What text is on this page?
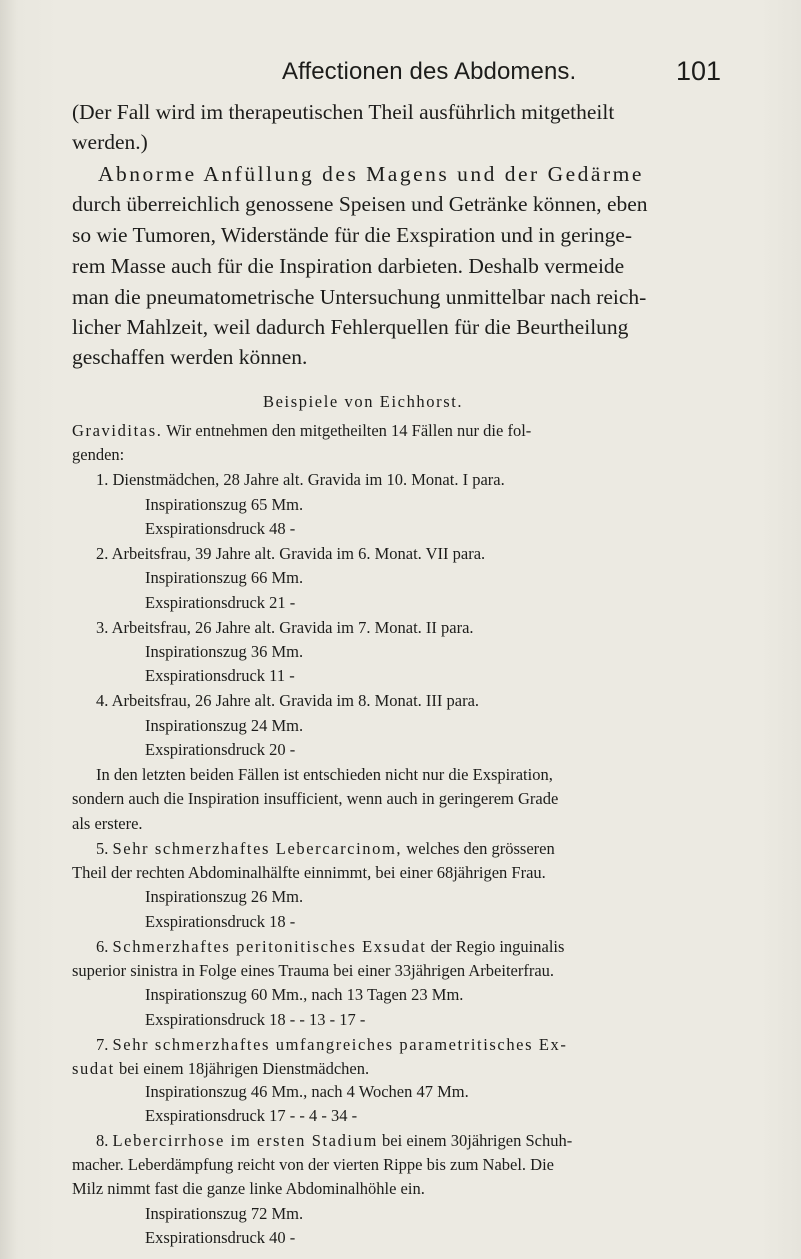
Affectionen des Abdomens.	101
(Der Fall wird im therapeutischen Theil ausführlich mitgetheilt
werden.)
Abnorme Anfüllung des Magens und der Gedärme
durch überreichlich genossene Speisen und Getränke können, eben
so wie Tumoren, Widerstände für die Exspiration und in geringe-
rem Masse auch für die Inspiration darbieten. Deshalb vermeide
man die pneumatometrische Untersuchung unmittelbar nach reich-
licher Mahlzeit, weil dadurch Fehlerquellen für die Beurtheilung
geschaffen werden können.
Beispiele von Eichhorst.
Graviditas. Wir entnehmen den mitgetheilten 14 Fällen nur die fol-
genden:
1. Dienstmädchen, 28 Jahre alt. Gravida im 10. Monat. I para.
Inspirationszug 65 Mm.
Exspirationsdruck 48 -
2. Arbeitsfrau, 39 Jahre alt. Gravida im 6. Monat. VII para.
Inspirationszug 66 Mm.
Exspirationsdruck 21 -
3. Arbeitsfrau, 26 Jahre alt. Gravida im 7. Monat. II para.
Inspirationszug 36 Mm.
Exspirationsdruck 11 -
4. Arbeitsfrau, 26 Jahre alt. Gravida im 8. Monat. III para.
Inspirationszug 24 Mm.
Exspirationsdruck 20 -
In den letzten beiden Fällen ist entschieden nicht nur die Exspiration,
sondern auch die Inspiration insufficient, wenn auch in geringerem Grade
als erstere.
5. Sehr schmerzhaftes Lebercarcinom, welches den grösseren
Theil der rechten Abdominalhälfte einnimmt, bei einer 68jährigen Frau.
Inspirationszug 26 Mm.
Exspirationsdruck 18 -
6. Schmerzhaftes peritonitisches Exsudat der Regio inguinalis
superior sinistra in Folge eines Trauma bei einer 33jährigen Arbeiterfrau.
Inspirationszug 60 Mm., nach 13 Tagen 23 Mm.
Exspirationsdruck 18 - - 13 - 17 -
7. Sehr schmerzhaftes umfangreiches parametritisches Ex-
sudat bei einem 18jährigen Dienstmädchen.
Inspirationszug 46 Mm., nach 4 Wochen 47 Mm.
Exspirationsdruck 17 - - 4 - 34 -
8. Lebercirrhose im ersten Stadium bei einem 30jährigen Schuh-
macher. Leberdämpfung reicht von der vierten Rippe bis zum Nabel. Die
Milz nimmt fast die ganze linke Abdominalhöhle ein.
Inspirationszug 72 Mm.
Exspirationsdruck 40 -
